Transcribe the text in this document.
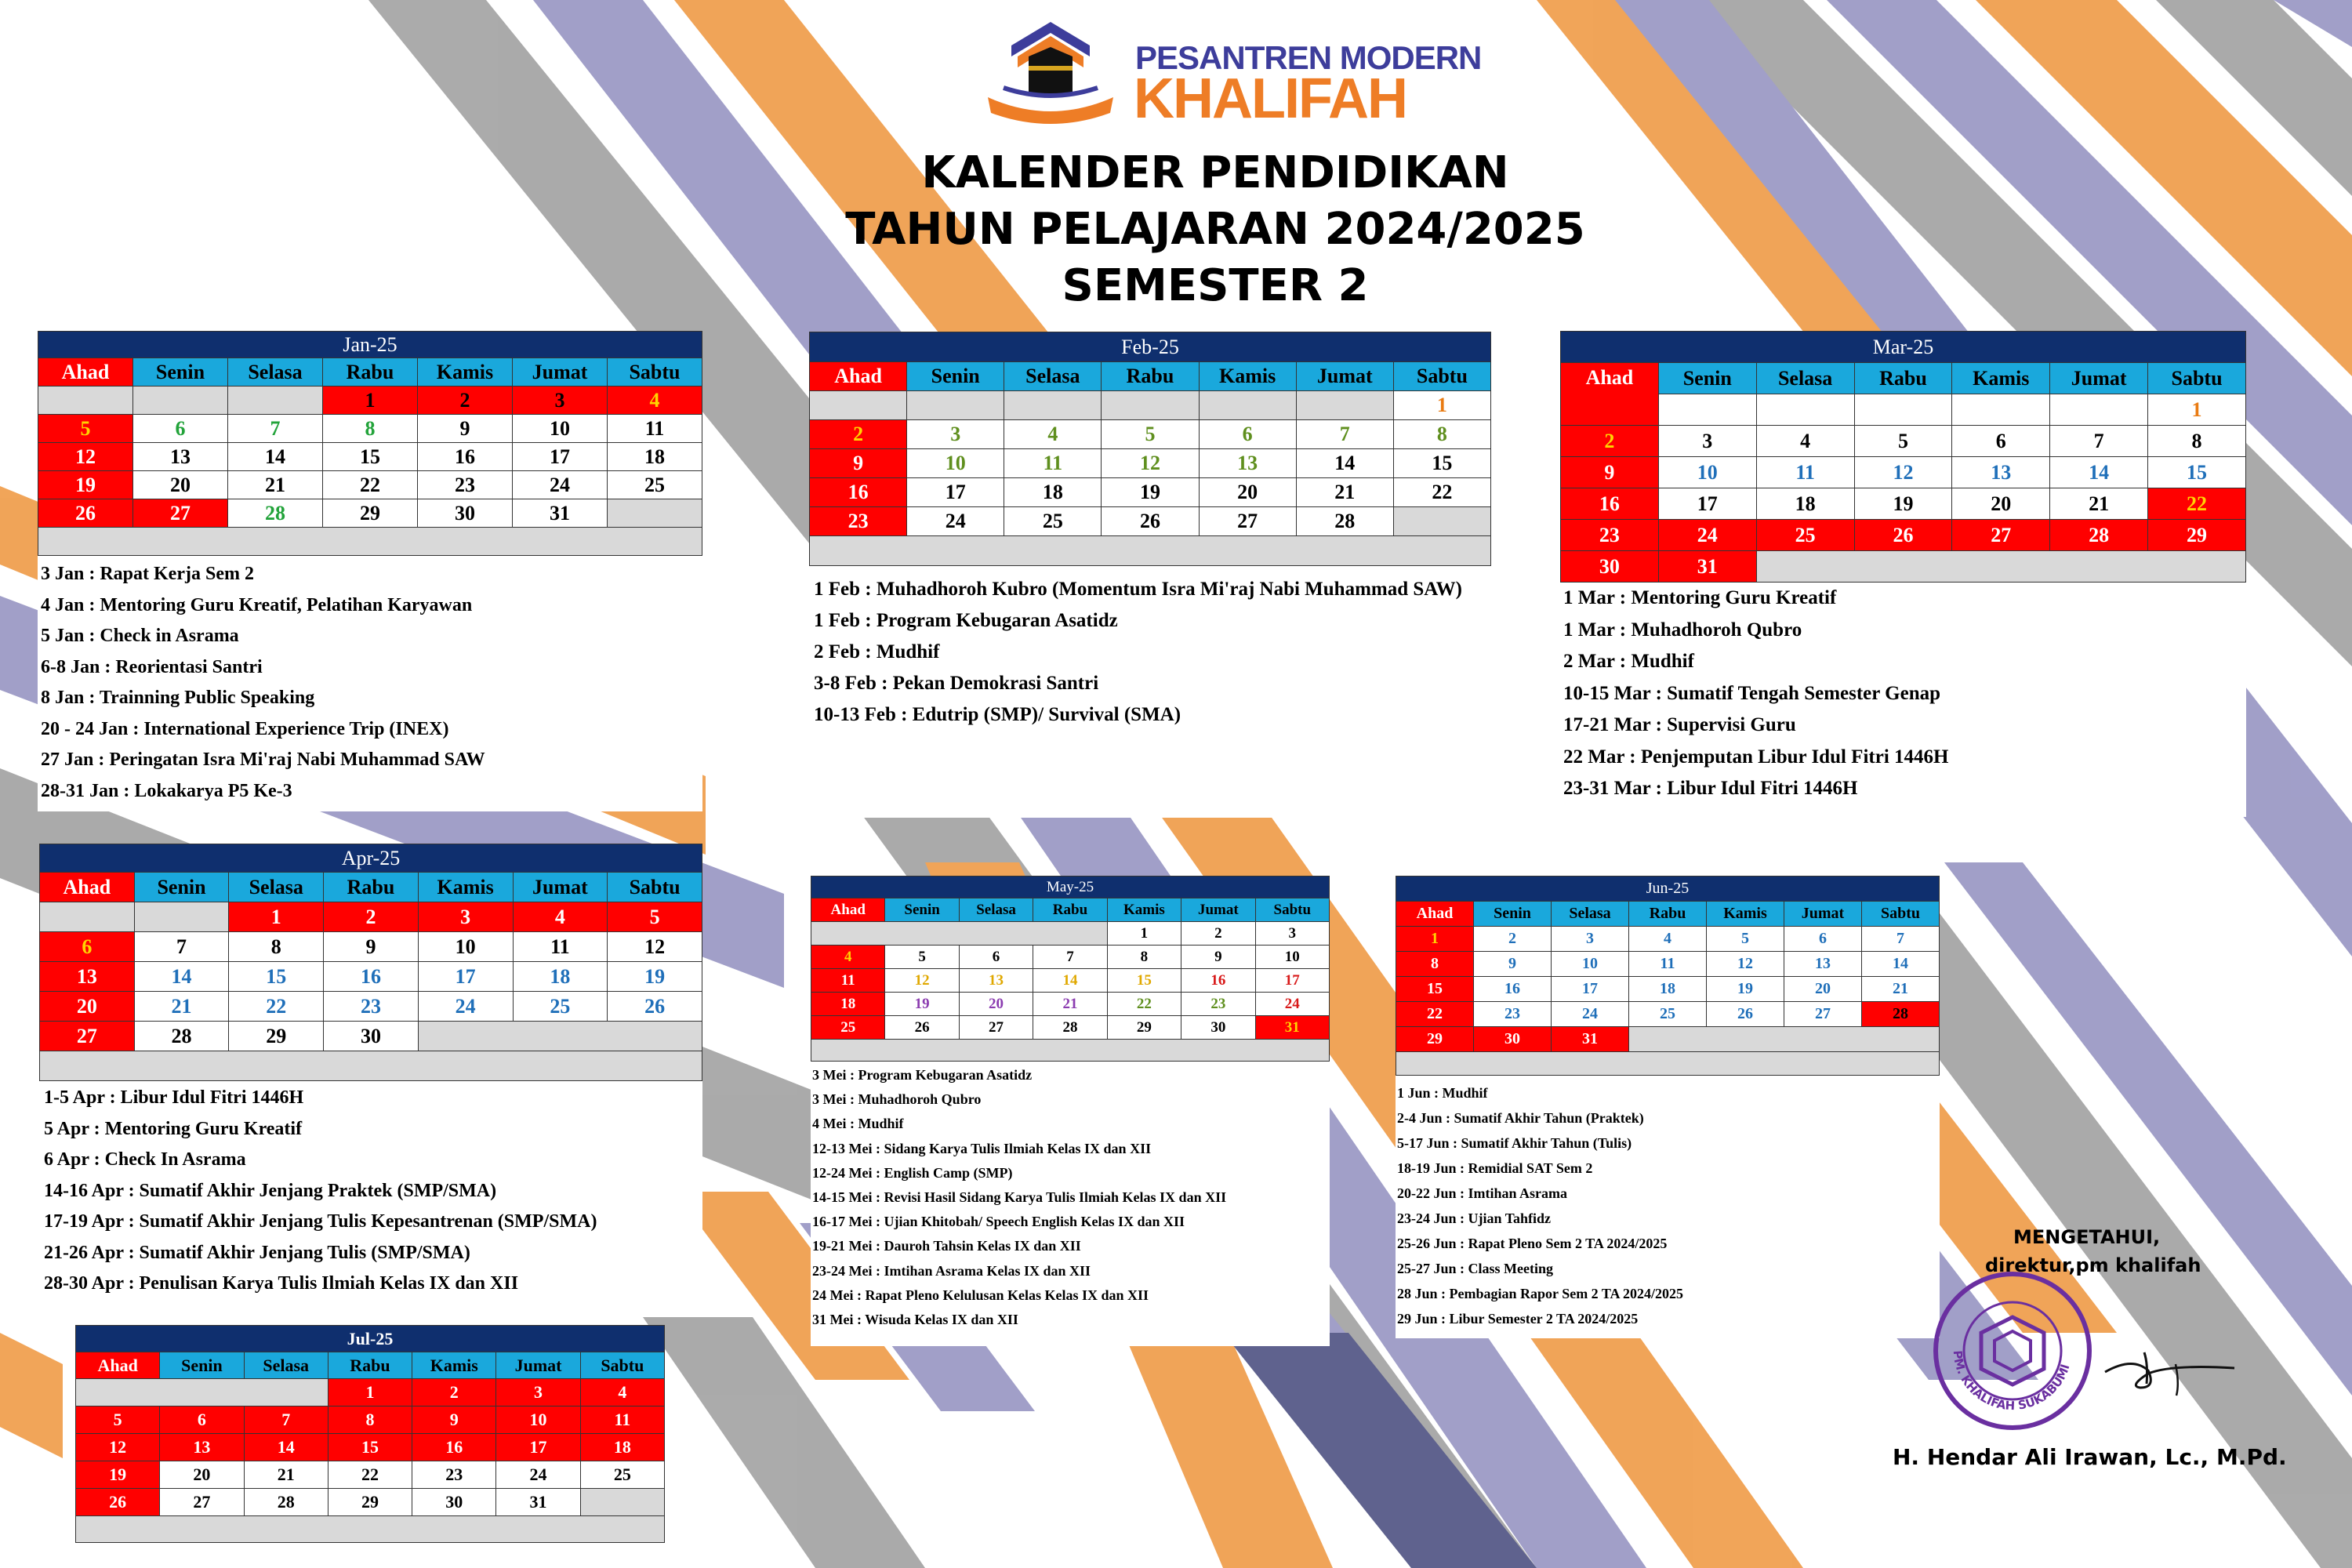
PESANTREN MODERN
KHALIFAH
KALENDER PENDIDIKAN
TAHUN PELAJARAN 2024/2025
SEMESTER 2
Jan-25						
Ahad	Senin	Selasa	Rabu	Kamis	Jumat	Sabtu
			1	2	3	4
5	6	7	8	9	10	11
12	13	14	15	16	17	18
19	20	21	22	23	24	25
26	27	28	29	30	31	

3 Jan : Rapat Kerja Sem 2
4 Jan : Mentoring Guru Kreatif, Pelatihan Karyawan
5 Jan : Check in Asrama
6-8 Jan : Reorientasi Santri
8 Jan : Trainning Public Speaking
20 - 24 Jan : International Experience Trip (INEX)
27 Jan : Peringatan Isra Mi'raj Nabi Muhammad SAW
28-31 Jan : Lokakarya P5 Ke-3
Feb-25						
Ahad	Senin	Selasa	Rabu	Kamis	Jumat	Sabtu
						1
2	3	4	5	6	7	8
9	10	11	12	13	14	15
16	17	18	19	20	21	22
23	24	25	26	27	28	

1 Feb : Muhadhoroh Kubro (Momentum Isra Mi'raj Nabi Muhammad SAW)
1 Feb : Program Kebugaran Asatidz
2 Feb : Mudhif
3-8 Feb : Pekan Demokrasi Santri
10-13 Feb : Edutrip (SMP)/ Survival (SMA)
Mar-25						
Ahad	Senin	Selasa	Rabu	Kamis	Jumat	Sabtu
						1
2	3	4	5	6	7	8
9	10	11	12	13	14	15
16	17	18	19	20	21	22
23	24	25	26	27	28	29
30	31					
1 Mar : Mentoring Guru Kreatif
1 Mar : Muhadhoroh Qubro
2 Mar : Mudhif
10-15 Mar : Sumatif Tengah Semester Genap
17-21 Mar : Supervisi Guru
22 Mar : Penjemputan Libur Idul Fitri 1446H
23-31 Mar : Libur Idul Fitri 1446H
Apr-25						
Ahad	Senin	Selasa	Rabu	Kamis	Jumat	Sabtu
		1	2	3	4	5
6	7	8	9	10	11	12
13	14	15	16	17	18	19
20	21	22	23	24	25	26
27	28	29	30			

1-5 Apr : Libur Idul Fitri 1446H
5 Apr : Mentoring Guru Kreatif
6 Apr : Check In Asrama
14-16 Apr : Sumatif Akhir Jenjang Praktek (SMP/SMA)
17-19 Apr : Sumatif Akhir Jenjang Tulis Kepesantrenan (SMP/SMA)
21-26 Apr : Sumatif Akhir Jenjang Tulis (SMP/SMA)
28-30 Apr : Penulisan Karya Tulis Ilmiah Kelas IX dan XII
May-25						
Ahad	Senin	Selasa	Rabu	Kamis	Jumat	Sabtu
				1	2	3
4	5	6	7	8	9	10
11	12	13	14	15	16	17
18	19	20	21	22	23	24
25	26	27	28	29	30	31

3 Mei : Program Kebugaran Asatidz
3 Mei : Muhadhoroh Qubro
4 Mei : Mudhif
12-13 Mei : Sidang Karya Tulis Ilmiah Kelas IX dan XII
12-24 Mei : English Camp (SMP)
14-15 Mei : Revisi Hasil Sidang Karya Tulis Ilmiah Kelas IX dan XII
16-17 Mei : Ujian Khitobah/ Speech English Kelas IX dan XII
19-21 Mei : Dauroh Tahsin Kelas IX dan XII
23-24 Mei : Imtihan Asrama Kelas IX dan XII
24 Mei : Rapat Pleno Kelulusan Kelas Kelas IX dan XII
31 Mei : Wisuda Kelas IX dan XII
Jun-25						
Ahad	Senin	Selasa	Rabu	Kamis	Jumat	Sabtu
1	2	3	4	5	6	7
8	9	10	11	12	13	14
15	16	17	18	19	20	21
22	23	24	25	26	27	28
29	30	31				

1 Jun : Mudhif
2-4 Jun : Sumatif Akhir Tahun (Praktek)
5-17 Jun : Sumatif Akhir Tahun (Tulis)
18-19 Jun : Remidial SAT Sem 2
20-22 Jun : Imtihan Asrama
23-24 Jun : Ujian Tahfidz
25-26 Jun : Rapat Pleno Sem 2 TA 2024/2025
25-27 Jun : Class Meeting
28 Jun : Pembagian Rapor Sem 2 TA 2024/2025
29 Jun : Libur Semester 2 TA 2024/2025
Jul-25						
Ahad	Senin	Selasa	Rabu	Kamis	Jumat	Sabtu
			1	2	3	4
5	6	7	8	9	10	11
12	13	14	15	16	17	18
19	20	21	22	23	24	25
26	27	28	29	30	31	

MENGETAHUI,
direktur,pm khalifah
PM. KHALIFAH SUKABUMI
H. Hendar Ali Irawan, Lc., M.Pd.
